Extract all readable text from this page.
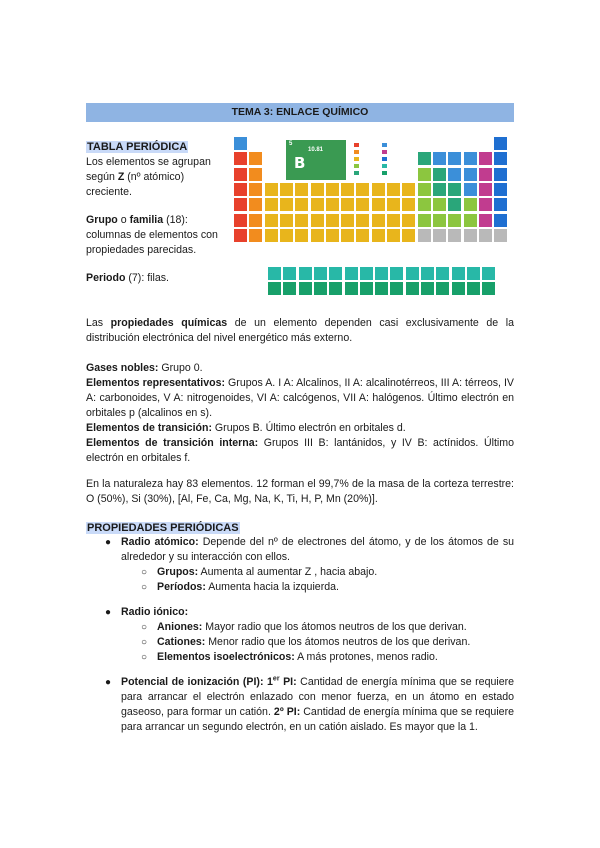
TEMA 3: ENLACE QUÍMICO
TABLA PERIÓDICA
Los elementos se agrupan
según Z (nº atómico)
creciente.
Grupo o familia (18):
columnas de elementos con
propiedades parecidas.
Periodo (7): filas.
5
10.81
B
Las propiedades químicas de un elemento dependen casi exclusivamente de la distribución electrónica del nivel energético más externo.
Gases nobles: Grupo 0.
Elementos representativos: Grupos A. I A: Alcalinos, II A: alcalinotérreos, III A: térreos, IV A: carbonoides, V A: nitrogenoides, VI A: calcógenos, VII A: halógenos. Último electrón en orbitales p (alcalinos en s).
Elementos de transición: Grupos B. Último electrón en orbitales d.
Elementos de transición interna: Grupos III B: lantánidos, y IV B: actínidos. Último electrón en orbitales f.
En la naturaleza hay 83 elementos. 12 forman el 99,7% de la masa de la corteza terrestre: O (50%), Si (30%), [Al, Fe, Ca, Mg, Na, K, Ti, H, P, Mn (20%)].
PROPIEDADES PERIÓDICAS
● Radio atómico: Depende del nº de electrones del átomo, y de los átomos de su alrededor y su interacción con ellos.
○ Grupos: Aumenta al aumentar Z , hacia abajo.
○ Períodos: Aumenta hacia la izquierda.
● Radio iónico:
○ Aniones: Mayor radio que los átomos neutros de los que derivan.
○ Cationes: Menor radio que los átomos neutros de los que derivan.
○ Elementos isoelectrónicos: A más protones, menos radio.
● Potencial de ionización (PI): 1er PI: Cantidad de energía mínima que se requiere para arrancar el electrón enlazado con menor fuerza, en un átomo en estado gaseoso, para formar un catión. 2º PI: Cantidad de energía mínima que se requiere para arrancar un segundo electrón, en un catión aislado. Es mayor que la 1.
